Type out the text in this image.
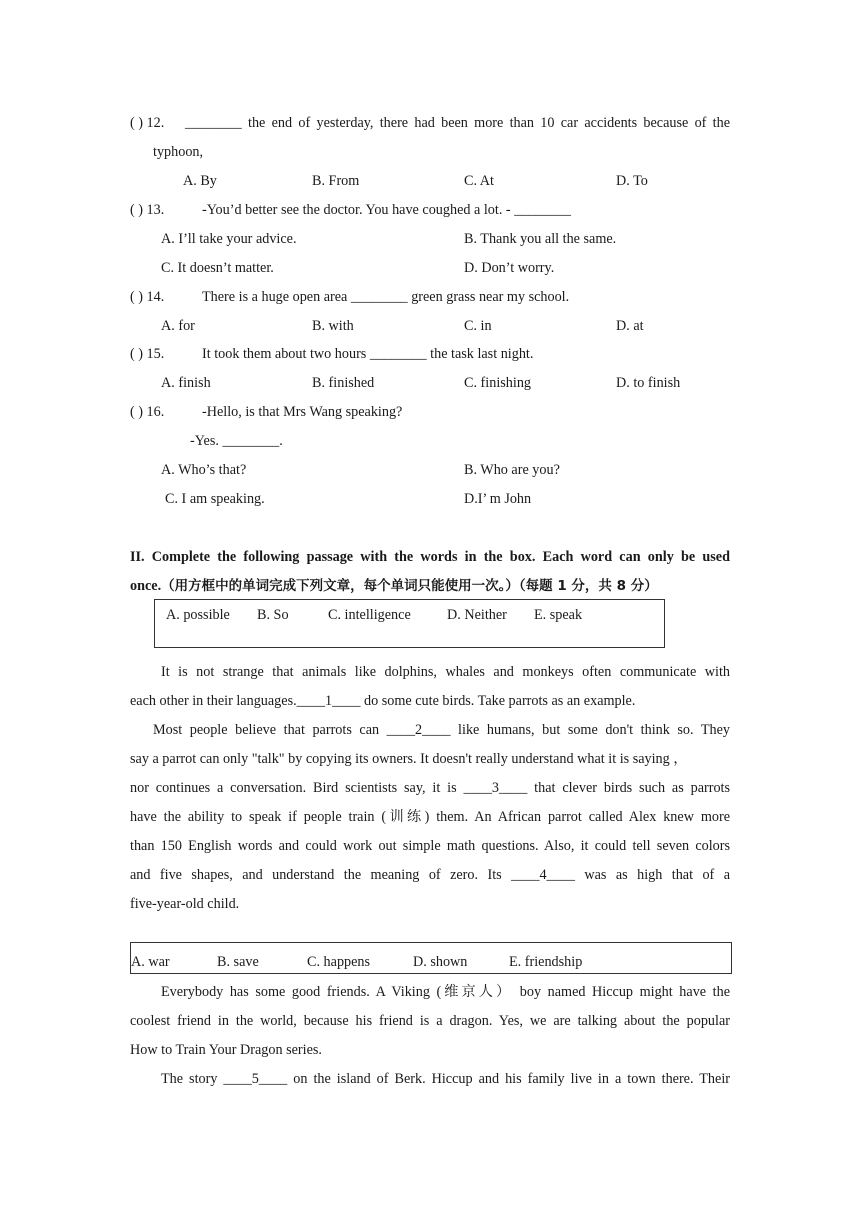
( ) 12. ________ the end of yesterday, there had been more than 10 car accidents because of the
typhoon,
A. By	B. From	C. At	D. To
( ) 13.	-You’d better see the doctor. You have coughed a lot. - ________
A. I’ll take your advice.	B. Thank you all the same.
C. It doesn’t matter.	D. Don’t worry.
( ) 14.	There is a huge open area ________ green grass near my school.
A. for	B. with	C. in	D. at
( ) 15.	It took them about two hours ________ the task last night.
A. finish	B. finished	C. finishing	D. to finish
( ) 16.	-Hello, is that Mrs Wang speaking?
-Yes. ________.
A. Who’s that?	B. Who are you?
C. I am speaking.	D.I’ m John
II. Complete the following passage with the words in the box. Each word can only be used
once.（用方框中的单词完成下列文章，每个单词只能使用一次。）（每题 1 分，共 8 分）
A. possible B. So	C. intelligence	D. Neither E. speak
It is not strange that animals like dolphins, whales and monkeys often communicate with
each other in their languages.____1____ do some cute birds. Take parrots as an example.
Most people believe that parrots can ____2____ like humans, but some don't think so. They
say a parrot can only "talk" by copying its owners. It doesn't really understand what it is saying ，
nor continues a conversation. Bird scientists say, it is ____3____ that clever birds such as parrots
have the ability to speak if people train (训练) them. An African parrot called Alex knew more
than 150 English words and could work out simple math questions. Also, it could tell seven colors
and five shapes, and understand the meaning of zero. Its ____4____ was as high that of a
five-year-old child.
A. war	B. save	C. happens	D. shown	E. friendship
Everybody has some good friends. A Viking (维京人） boy named Hiccup might have the
coolest friend in the world, because his friend is a dragon. Yes, we are talking about the popular
How to Train Your Dragon series.
The story ____5____ on the island of Berk. Hiccup and his family live in a town there. Their
